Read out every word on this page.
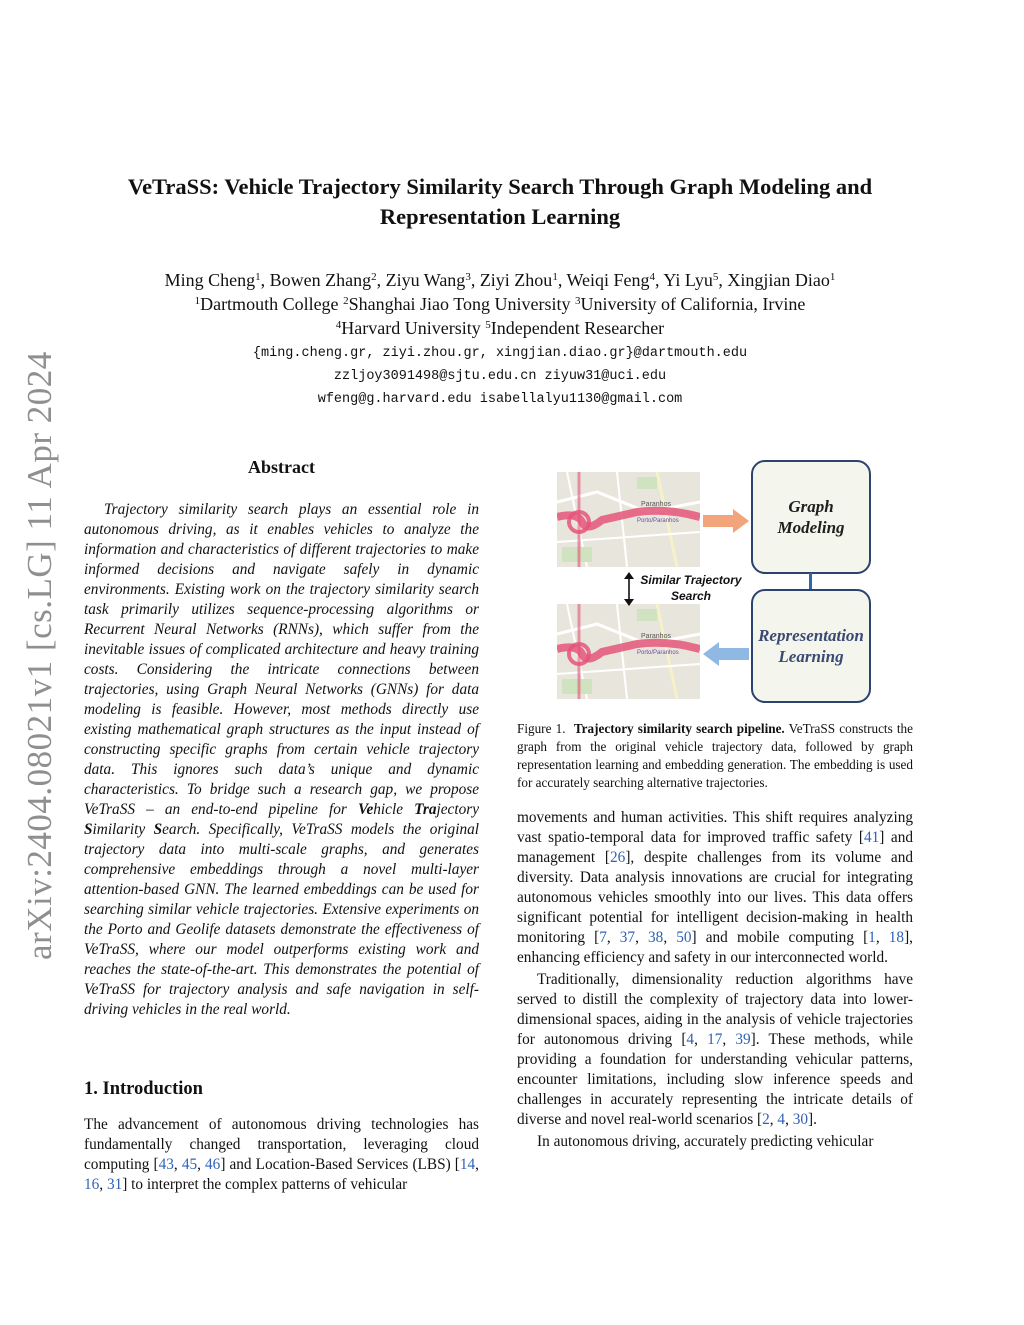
arXiv:2404.08021v1 [cs.LG] 11 Apr 2024
VeTraSS: Vehicle Trajectory Similarity Search Through Graph Modeling and
Representation Learning
Ming Cheng$^1$, Bowen Zhang$^2$, Ziyu Wang$^3$, Ziyi Zhou$^1$, Weiqi Feng$^4$, Yi Lyu$^5$, Xingjian Diao$^1$
$^1$Dartmouth College $^2$Shanghai Jiao Tong University $^3$University of California, Irvine
$^4$Harvard University $^5$Independent Researcher
{ming.cheng.gr, ziyi.zhou.gr, xingjian.diao.gr}@dartmouth.edu
zzljoy3091498@sjtu.edu.cn ziyuw31@uci.edu
wfeng@g.harvard.edu isabellalyu1130@gmail.com
Abstract
Trajectory similarity search plays an essential role in autonomous driving, as it enables vehicles to analyze the information and characteristics of different trajectories to make informed decisions and navigate safely in dynamic environments. Existing work on the trajectory similarity search task primarily utilizes sequence-processing algorithms or Recurrent Neural Networks (RNNs), which suffer from the inevitable issues of complicated architecture and heavy training costs. Considering the intricate connections between trajectories, using Graph Neural Networks (GNNs) for data modeling is feasible. However, most methods directly use existing mathematical graph structures as the input instead of constructing specific graphs from certain vehicle trajectory data. This ignores such data’s unique and dynamic characteristics. To bridge such a research gap, we propose VeTraSS – an end-to-end pipeline for Vehicle Trajectory Similarity Search. Specifically, VeTraSS models the original trajectory data into multi-scale graphs, and generates comprehensive embeddings through a novel multi-layer attention-based GNN. The learned embeddings can be used for searching similar vehicle trajectories. Extensive experiments on the Porto and Geolife datasets demonstrate the effectiveness of VeTraSS, where our model outperforms existing work and reaches the state-of-the-art. This demonstrates the potential of VeTraSS for trajectory analysis and safe navigation in self-driving vehicles in the real world.
1. Introduction
The advancement of autonomous driving technologies has fundamentally changed transportation, leveraging cloud computing [43, 45, 46] and Location-Based Services (LBS) [14, 16, 31] to interpret the complex patterns of vehicular
Paranhos
Porto/Paranhos
Paranhos
Porto/Paranhos
Similar Trajectory Search
Graph Modeling
Representation Learning
Figure 1. Trajectory similarity search pipeline. VeTraSS constructs the graph from the original vehicle trajectory data, followed by graph representation learning and embedding generation. The embedding is used for accurately searching alternative trajectories.

movements and human activities. This shift requires analyzing vast spatio-temporal data for improved traffic safety [41] and management [26], despite challenges from its volume and diversity. Data analysis innovations are crucial for integrating autonomous vehicles smoothly into our lives. This data offers significant potential for intelligent decision-making in health monitoring [7, 37, 38, 50] and mobile computing [1, 18], enhancing efficiency and safety in our interconnected world.

Traditionally, dimensionality reduction algorithms have served to distill the complexity of trajectory data into lower-dimensional spaces, aiding in the analysis of vehicle trajectories for autonomous driving [4, 17, 39]. These methods, while providing a foundation for understanding vehicular patterns, encounter limitations, including slow inference speeds and challenges in accurately representing the intricate details of diverse and novel real-world scenarios [2, 4, 30].

In autonomous driving, accurately predicting vehicular
